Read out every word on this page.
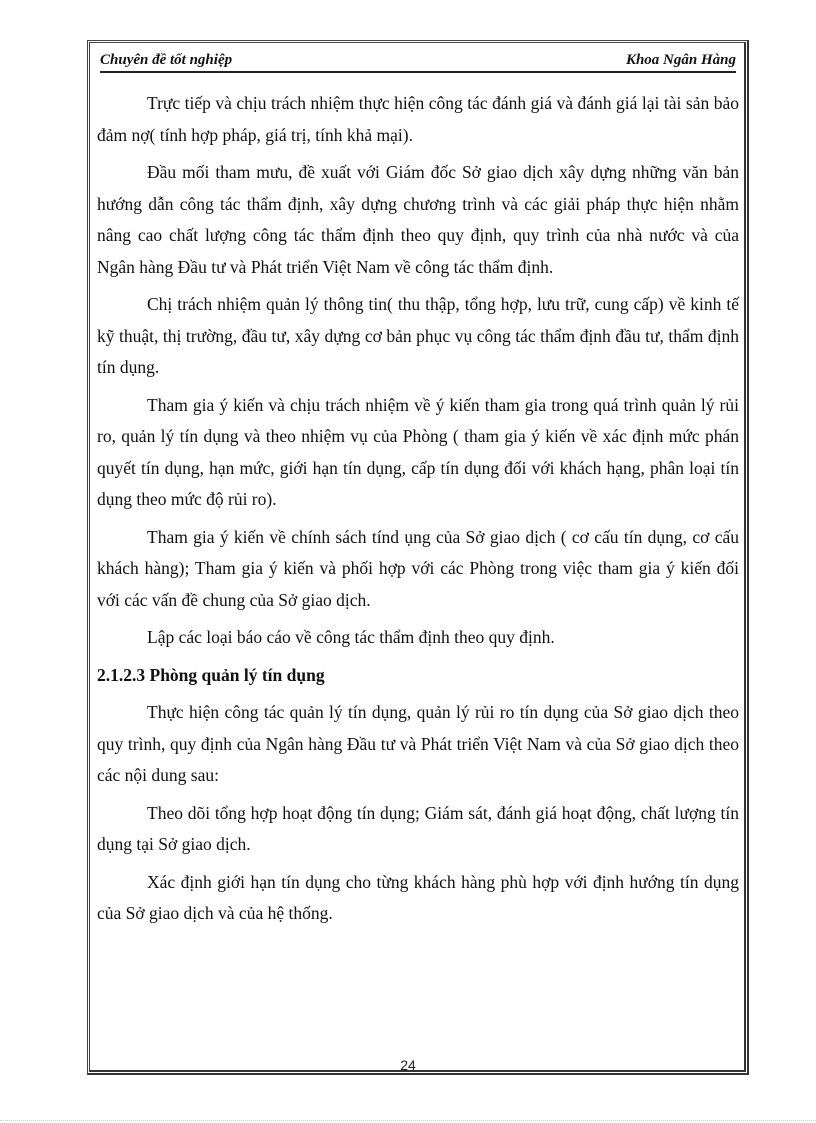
Chuyên đề tốt nghiệp	Khoa Ngân Hàng

Trực tiếp và chịu trách nhiệm thực hiện công tác đánh giá và đánh giá lại tài sản bảo đảm nợ( tính hợp pháp, giá trị, tính khả mại).

Đầu mối tham mưu, đề xuất với Giám đốc Sở giao dịch xây dựng những văn bản hướng dẫn công tác thẩm định, xây dựng chương trình và các giải pháp thực hiện nhằm nâng cao chất lượng công tác thẩm định theo quy định, quy trình của nhà nước và của Ngân hàng Đầu tư và Phát triển Việt Nam về công tác thẩm định.

Chị trách nhiệm quản lý thông tin( thu thập, tổng hợp, lưu trữ, cung cấp) về kinh tế kỹ thuật, thị trường, đầu tư, xây dựng cơ bản phục vụ công tác thẩm định đầu tư, thẩm định tín dụng.

Tham gia ý kiến và chịu trách nhiệm về ý kiến tham gia trong quá trình quản lý rủi ro, quản lý tín dụng và theo nhiệm vụ của Phòng ( tham gia ý kiến về xác định mức phán quyết tín dụng, hạn mức, giới hạn tín dụng, cấp tín dụng đối với khách hạng, phân loại tín dụng theo mức độ rủi ro).

Tham gia ý kiến về chính sách tínd ụng của Sở giao dịch ( cơ cấu tín dụng, cơ cấu khách hàng); Tham gia ý kiến và phối hợp với các Phòng trong việc tham gia ý kiến đối với các vấn đề chung của Sở giao dịch.

Lập các loại báo cáo về công tác thẩm định theo quy định.

2.1.2.3 Phòng quản lý tín dụng

Thực hiện công tác quản lý tín dụng, quản lý rủi ro tín dụng của Sở giao dịch theo quy trình, quy định của Ngân hàng Đầu tư và Phát triển Việt Nam và của Sở giao dịch theo các nội dung sau:

Theo dõi tổng hợp hoạt động tín dụng; Giám sát, đánh giá hoạt động, chất lượng tín dụng tại Sở giao dịch.

Xác định giới hạn tín dụng cho từng khách hàng phù hợp với định hướng tín dụng của Sở giao dịch và của hệ thống.

24
